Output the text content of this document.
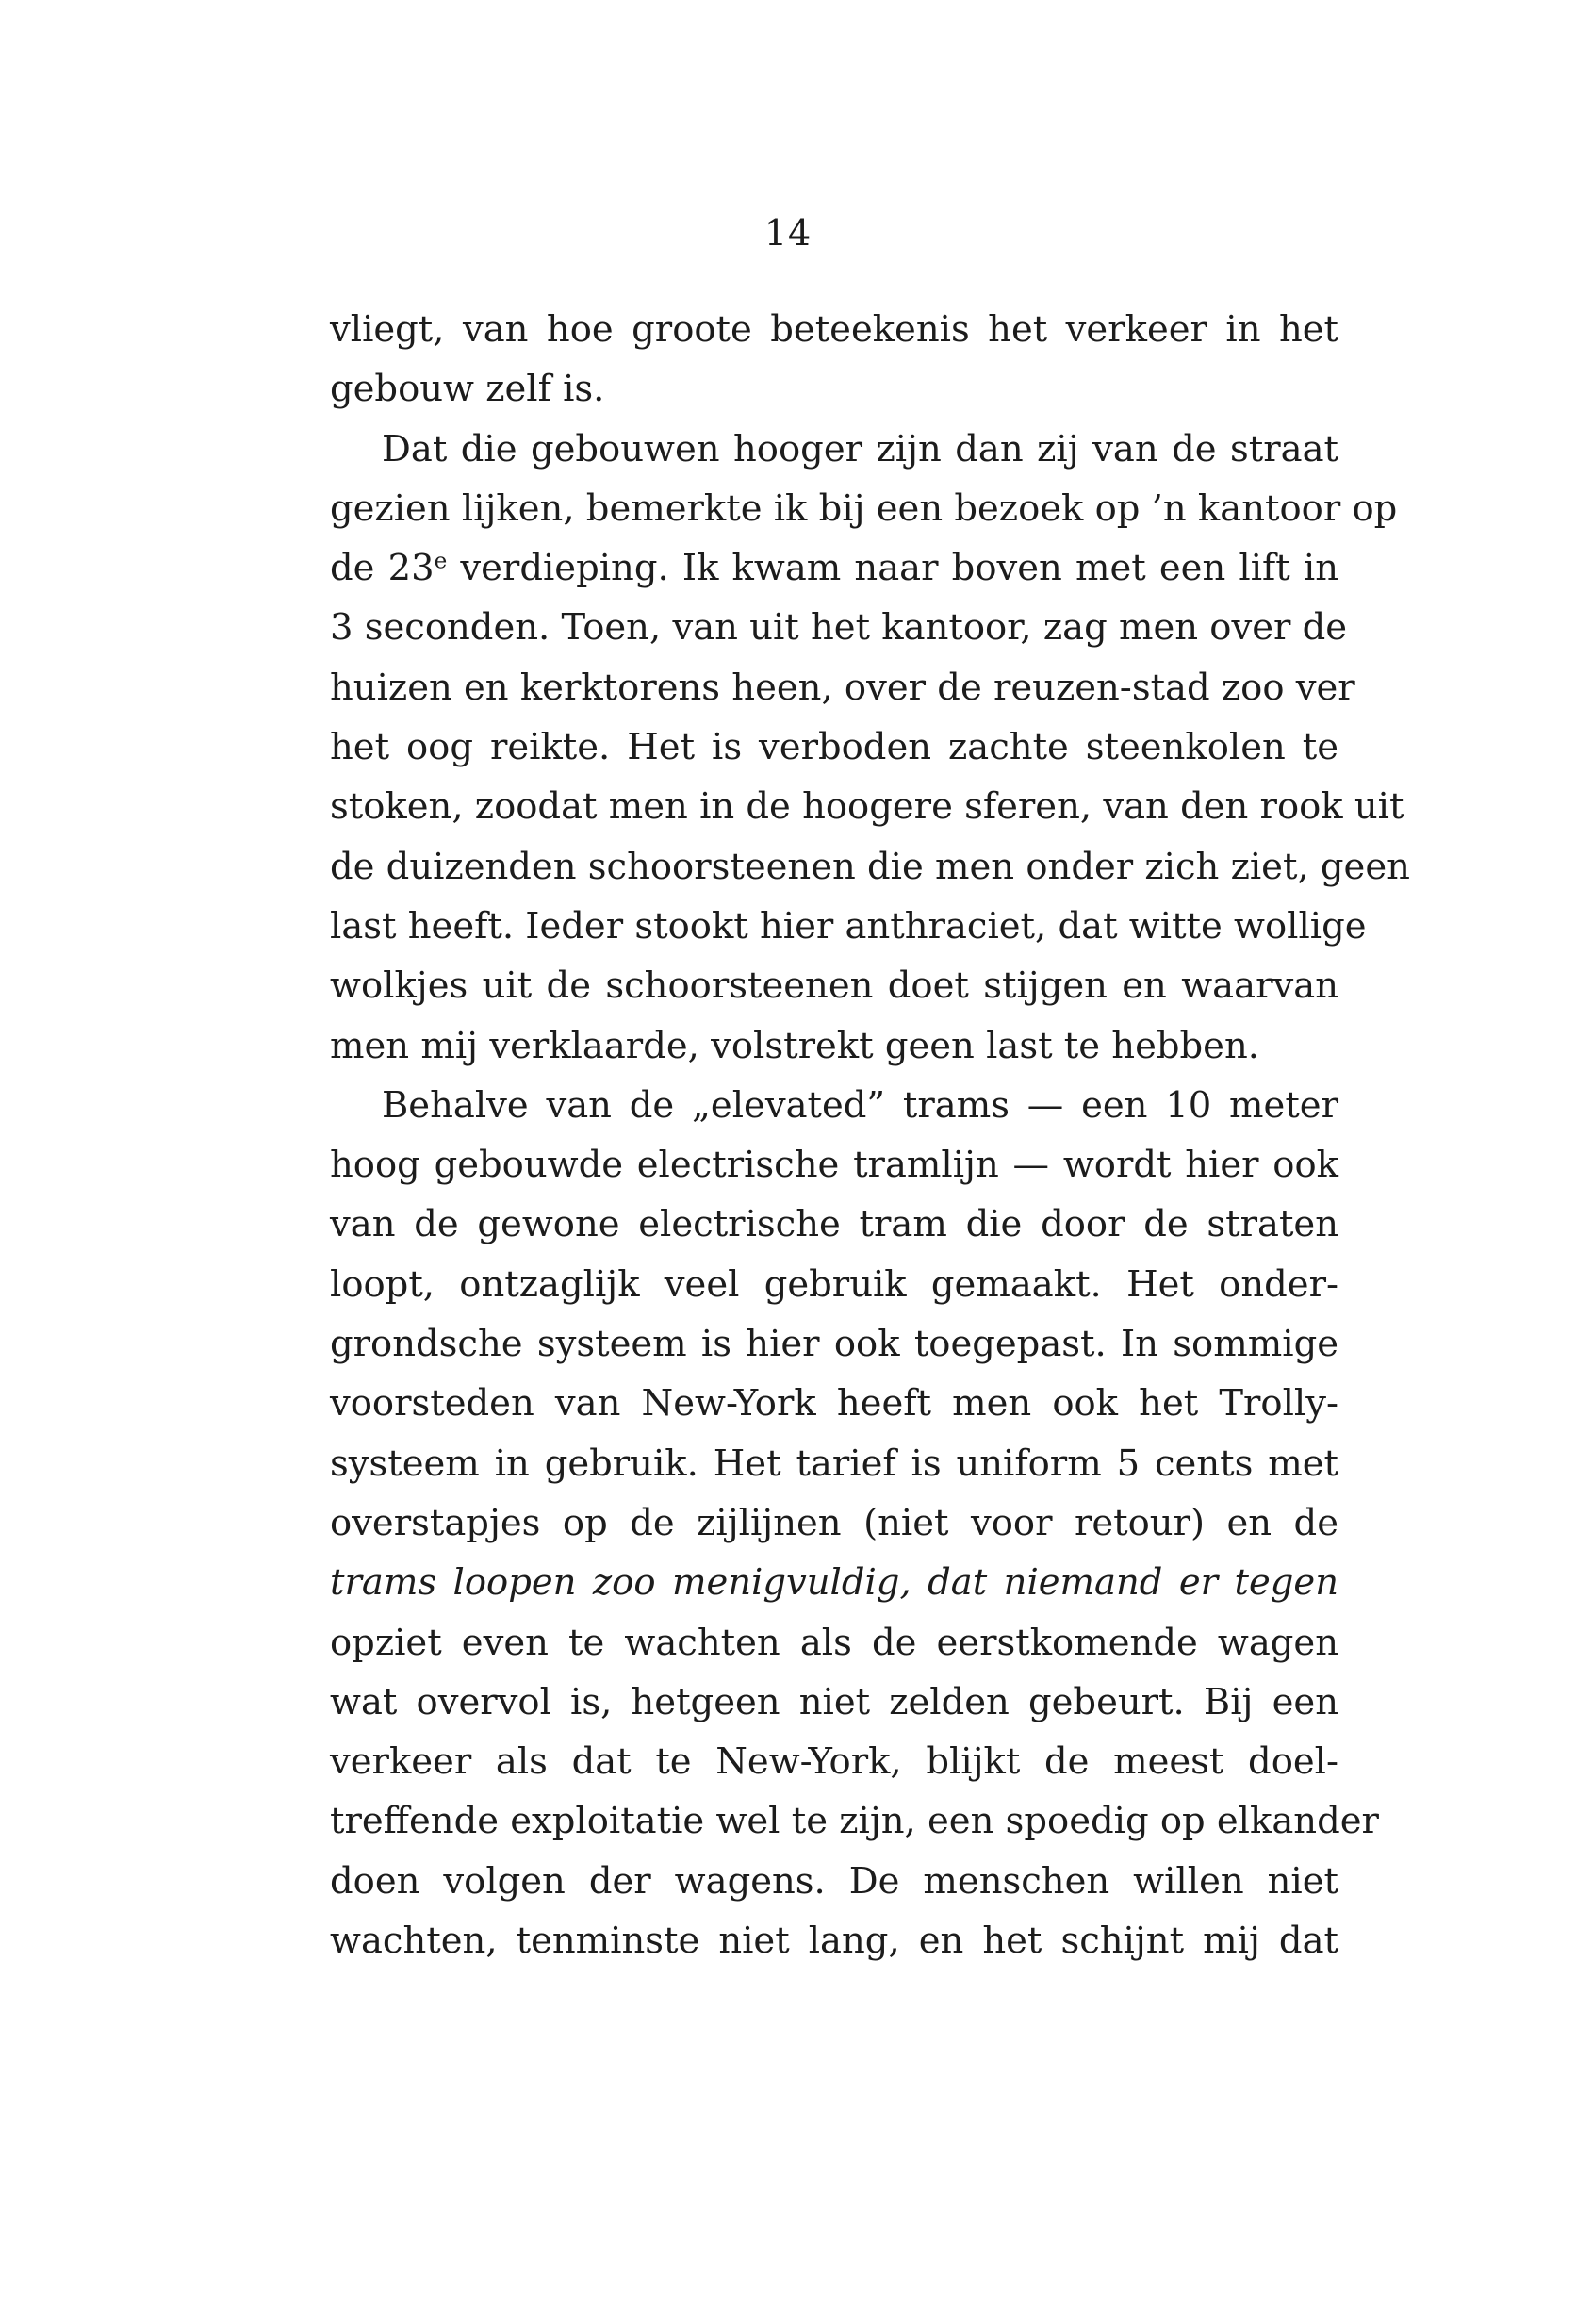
14

vliegt, van hoe groote beteekenis het verkeer in het
gebouw zelf is.

Dat die gebouwen hooger zijn dan zij van de straat
gezien lijken, bemerkte ik bij een bezoek op ’n kantoor op
de 23e verdieping. Ik kwam naar boven met een lift in
3 seconden. Toen, van uit het kantoor, zag men over de
huizen en kerktorens heen, over de reuzen-stad zoo ver
het oog reikte. Het is verboden zachte steenkolen te
stoken, zoodat men in de hoogere sferen, van den rook uit
de duizenden schoorsteenen die men onder zich ziet, geen
last heeft. Ieder stookt hier anthraciet, dat witte wollige
wolkjes uit de schoorsteenen doet stijgen en waarvan
men mij verklaarde, volstrekt geen last te hebben.

Behalve van de „elevated” trams — een 10 meter
hoog gebouwde electrische tramlijn — wordt hier ook
van de gewone electrische tram die door de straten
loopt, ontzaglijk veel gebruik gemaakt. Het onder-
grondsche systeem is hier ook toegepast. In sommige
voorsteden van New-York heeft men ook het Trolly-
systeem in gebruik. Het tarief is uniform 5 cents met
overstapjes op de zijlijnen (niet voor retour) en de
trams loopen zoo menigvuldig, dat niemand er tegen
opziet even te wachten als de eerstkomende wagen
wat overvol is, hetgeen niet zelden gebeurt. Bij een
verkeer als dat te New-York, blijkt de meest doel-
treffende exploitatie wel te zijn, een spoedig op elkander
doen volgen der wagens. De menschen willen niet
wachten, tenminste niet lang, en het schijnt mij dat
